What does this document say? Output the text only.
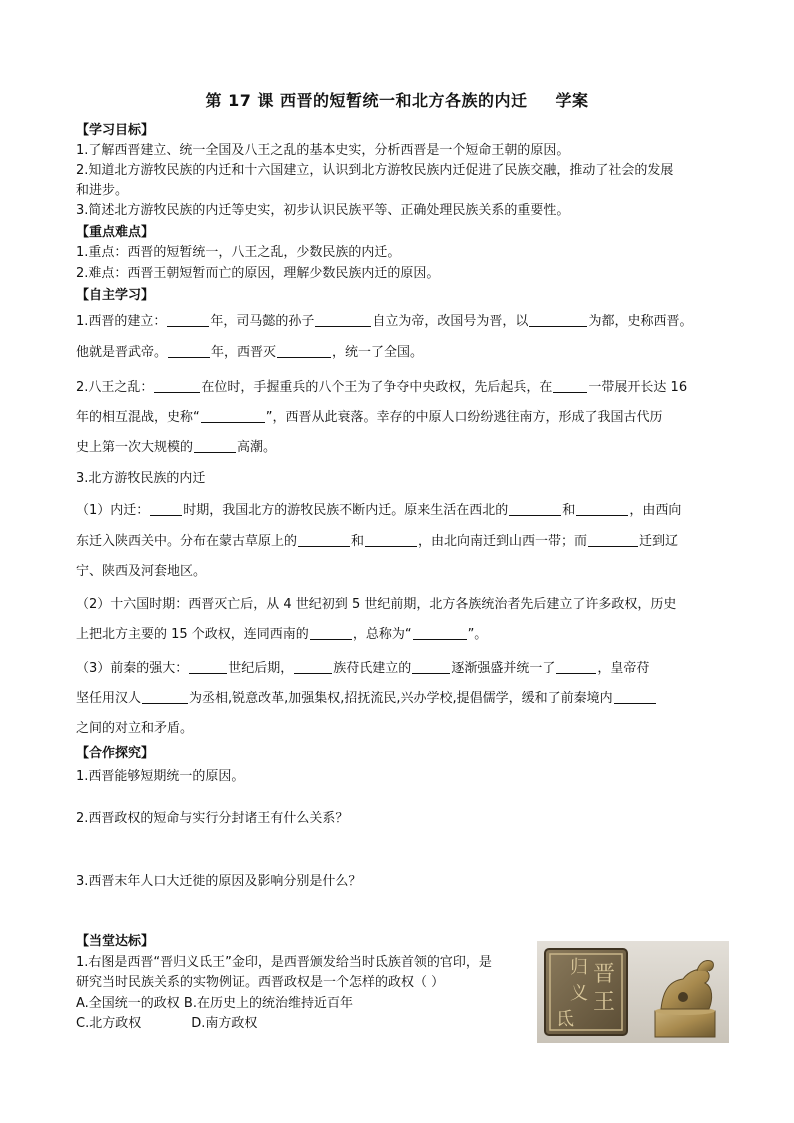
第 17 课 西晋的短暂统一和北方各族的内迁 学案
【学习目标】
1.了解西晋建立、统一全国及八王之乱的基本史实，分析西晋是一个短命王朝的原因。
2.知道北方游牧民族的内迁和十六国建立，认识到北方游牧民族内迁促进了民族交融，推动了社会的发展
和进步。
3.简述北方游牧民族的内迁等史实，初步认识民族平等、正确处理民族关系的重要性。
【重点难点】
1.重点：西晋的短暂统一，八王之乱，少数民族的内迁。
2.难点：西晋王朝短暂而亡的原因，理解少数民族内迁的原因。
【自主学习】
1.西晋的建立：	年，司马懿的孙子	自立为帝，改国号为晋，以	为都，史称西晋。
他就是晋武帝。	年，西晋灭	，统一了全国。
2.八王之乱：	在位时，手握重兵的八个王为了争夺中央政权，先后起兵，在	一带展开长达 16
年的相互混战，史称“	”，西晋从此衰落。幸存的中原人口纷纷逃往南方，形成了我国古代历
史上第一次大规模的	高潮。
3.北方游牧民族的内迁
（1）内迁：	时期，我国北方的游牧民族不断内迁。原来生活在西北的	和	，由西向
东迁入陕西关中。分布在蒙古草原上的	和	，由北向南迁到山西一带；而	迁到辽
宁、陕西及河套地区。
（2）十六国时期：西晋灭亡后，从 4 世纪初到 5 世纪前期，北方各族统治者先后建立了许多政权，历史
上把北方主要的 15 个政权，连同西南的	，总称为“	”。
（3）前秦的强大：	世纪后期，	族苻氏建立的	逐渐强盛并统一了	，皇帝苻
坚任用汉人	为丞相,锐意改革,加强集权,招抚流民,兴办学校,提倡儒学，缓和了前秦境内
之间的对立和矛盾。
【合作探究】
1.西晋能够短期统一的原因。
2.西晋政权的短命与实行分封诸王有什么关系？
3.西晋末年人口大迁徙的原因及影响分别是什么？
【当堂达标】
1.右图是西晋“晋归义氐王”金印，是西晋颁发给当时氐族首领的官印，是
研究当时民族关系的实物例证。西晋政权是一个怎样的政权（ ）
A.全国统一的政权 B.在历史上的统治维持近百年
C.北方政权	D.南方政权
晋
王
归
义
氐
